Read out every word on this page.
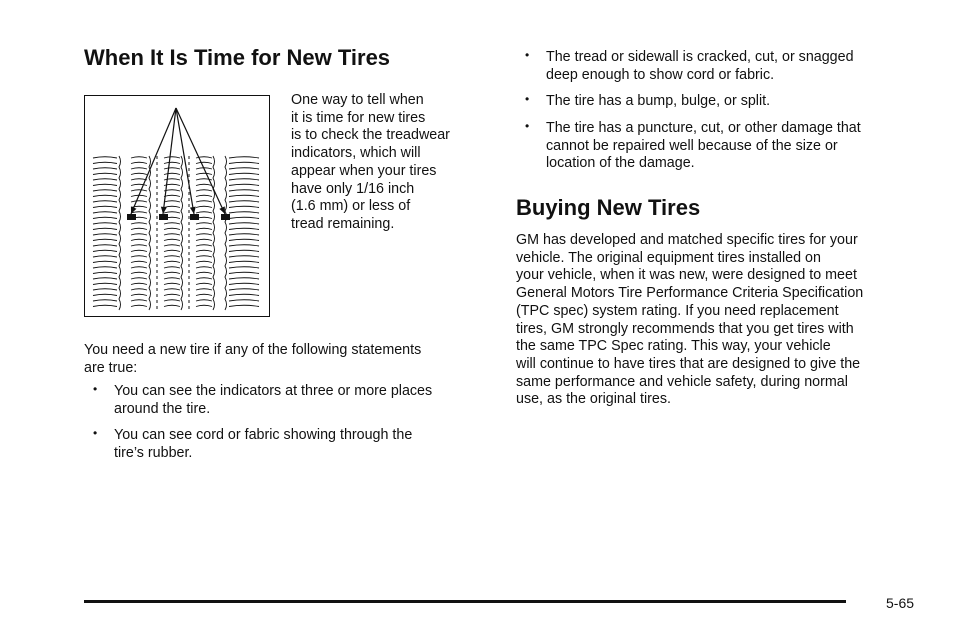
When It Is Time for New Tires
One way to tell when
it is time for new tires
is to check the treadwear
indicators, which will
appear when your tires
have only 1/16 inch
(1.6 mm) or less of
tread remaining.
You need a new tire if any of the following statements
are true:
• You can see the indicators at three or more places
around the tire.
• You can see cord or fabric showing through the
tire’s rubber.
• The tread or sidewall is cracked, cut, or snagged
deep enough to show cord or fabric.
• The tire has a bump, bulge, or split.
• The tire has a puncture, cut, or other damage that
cannot be repaired well because of the size or
location of the damage.
Buying New Tires
GM has developed and matched specific tires for your
vehicle. The original equipment tires installed on
your vehicle, when it was new, were designed to meet
General Motors Tire Performance Criteria Specification
(TPC spec) system rating. If you need replacement
tires, GM strongly recommends that you get tires with
the same TPC Spec rating. This way, your vehicle
will continue to have tires that are designed to give the
same performance and vehicle safety, during normal
use, as the original tires.
5-65
